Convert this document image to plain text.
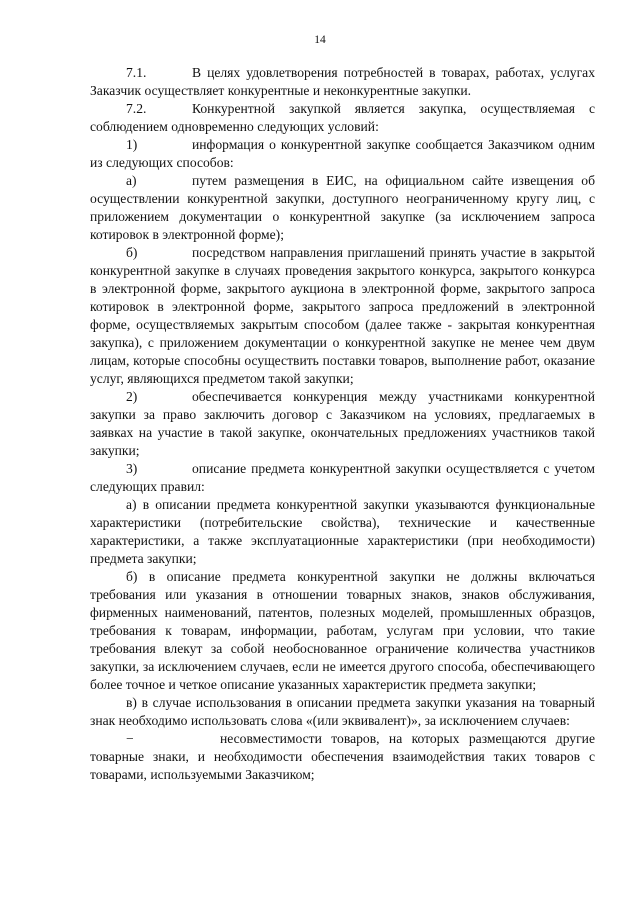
14

7.1.	В целях удовлетворения потребностей в товарах, работах, услугах Заказчик осуществляет конкурентные и неконкурентные закупки.

7.2.	Конкурентной закупкой является закупка, осуществляемая с соблюдением одновременно следующих условий:

1)	информация о конкурентной закупке сообщается Заказчиком одним из следующих способов:

а)	путем размещения в ЕИС, на официальном сайте извещения об осуществлении конкурентной закупки, доступного неограниченному кругу лиц, с приложением документации о конкурентной закупке (за исключением запроса котировок в электронной форме);

б)	посредством направления приглашений принять участие в закрытой конкурентной закупке в случаях проведения закрытого конкурса, закрытого конкурса в электронной форме, закрытого аукциона в электронной форме, закрытого запроса котировок в электронной форме, закрытого запроса предложений в электронной форме, осуществляемых закрытым способом (далее также - закрытая конкурентная закупка), с приложением документации о конкурентной закупке не менее чем двум лицам, которые способны осуществить поставки товаров, выполнение работ, оказание услуг, являющихся предметом такой закупки;

2)	обеспечивается конкуренция между участниками конкурентной закупки за право заключить договор с Заказчиком на условиях, предлагаемых в заявках на участие в такой закупке, окончательных предложениях участников такой закупки;

3)	описание предмета конкурентной закупки осуществляется с учетом следующих правил:

а) в описании предмета конкурентной закупки указываются функциональные характеристики (потребительские свойства), технические и качественные характеристики, а также эксплуатационные характеристики (при необходимости) предмета закупки;

б) в описание предмета конкурентной закупки не должны включаться требования или указания в отношении товарных знаков, знаков обслуживания, фирменных наименований, патентов, полезных моделей, промышленных образцов, требования к товарам, информации, работам, услугам при условии, что такие требования влекут за собой необоснованное ограничение количества участников закупки, за исключением случаев, если не имеется другого способа, обеспечивающего более точное и четкое описание указанных характеристик предмета закупки;

в) в случае использования в описании предмета закупки указания на товарный знак необходимо использовать слова «(или эквивалент)», за исключением случаев:

−	несовместимости товаров, на которых размещаются другие товарные знаки, и необходимости обеспечения взаимодействия таких товаров с товарами, используемыми Заказчиком;
